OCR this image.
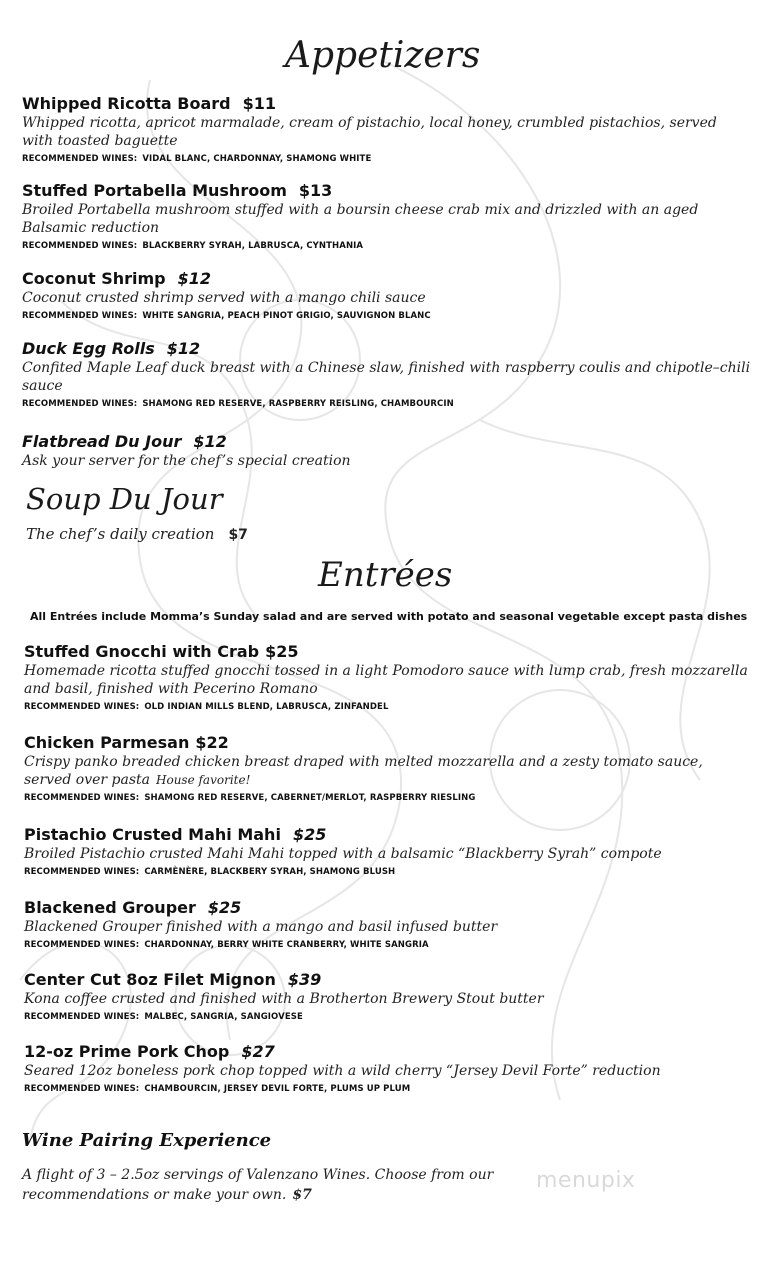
Appetizers
Whipped Ricotta Board $11
Whipped ricotta, apricot marmalade, cream of pistachio, local honey, crumbled pistachios, served with toasted baguette
RECOMMENDED WINES: VIDAL BLANC, CHARDONNAY, SHAMONG WHITE
Stuffed Portabella Mushroom $13
Broiled Portabella mushroom stuffed with a boursin cheese crab mix and drizzled with an aged Balsamic reduction
RECOMMENDED WINES: BLACKBERRY SYRAH, LABRUSCA, CYNTHANIA
Coconut Shrimp $12
Coconut crusted shrimp served with a mango chili sauce
RECOMMENDED WINES: WHITE SANGRIA, PEACH PINOT GRIGIO, SAUVIGNON BLANC
Duck Egg Rolls $12
Confited Maple Leaf duck breast with a Chinese slaw, finished with raspberry coulis and chipotle–chili sauce
RECOMMENDED WINES: SHAMONG RED RESERVE, RASPBERRY REISLING, CHAMBOURCIN
Flatbread Du Jour $12
Ask your server for the chef’s special creation
Soup Du Jour
The chef’s daily creation $7
Entrées
All Entrées include Momma’s Sunday salad and are served with potato and seasonal vegetable except pasta dishes
Stuffed Gnocchi with Crab $25
Homemade ricotta stuffed gnocchi tossed in a light Pomodoro sauce with lump crab, fresh mozzarella and basil, finished with Pecerino Romano
RECOMMENDED WINES: OLD INDIAN MILLS BLEND, LABRUSCA, ZINFANDEL
Chicken Parmesan $22
Crispy panko breaded chicken breast draped with melted mozzarella and a zesty tomato sauce, served over pasta House favorite!
RECOMMENDED WINES: SHAMONG RED RESERVE, CABERNET/MERLOT, RASPBERRY RIESLING
Pistachio Crusted Mahi Mahi $25
Broiled Pistachio crusted Mahi Mahi topped with a balsamic “Blackberry Syrah” compote
RECOMMENDED WINES: CARMÈNÈRE, BLACKBERY SYRAH, SHAMONG BLUSH
Blackened Grouper $25
Blackened Grouper finished with a mango and basil infused butter
RECOMMENDED WINES: CHARDONNAY, BERRY WHITE CRANBERRY, WHITE SANGRIA
Center Cut 8oz Filet Mignon $39
Kona coffee crusted and finished with a Brotherton Brewery Stout butter
RECOMMENDED WINES: MALBEC, SANGRIA, SANGIOVESE
12-oz Prime Pork Chop $27
Seared 12oz boneless pork chop topped with a wild cherry “Jersey Devil Forte” reduction
RECOMMENDED WINES: CHAMBOURCIN, JERSEY DEVIL FORTE, PLUMS UP PLUM
Wine Pairing Experience
A flight of 3 – 2.5oz servings of Valenzano Wines. Choose from our recommendations or make your own. $7
menupix
